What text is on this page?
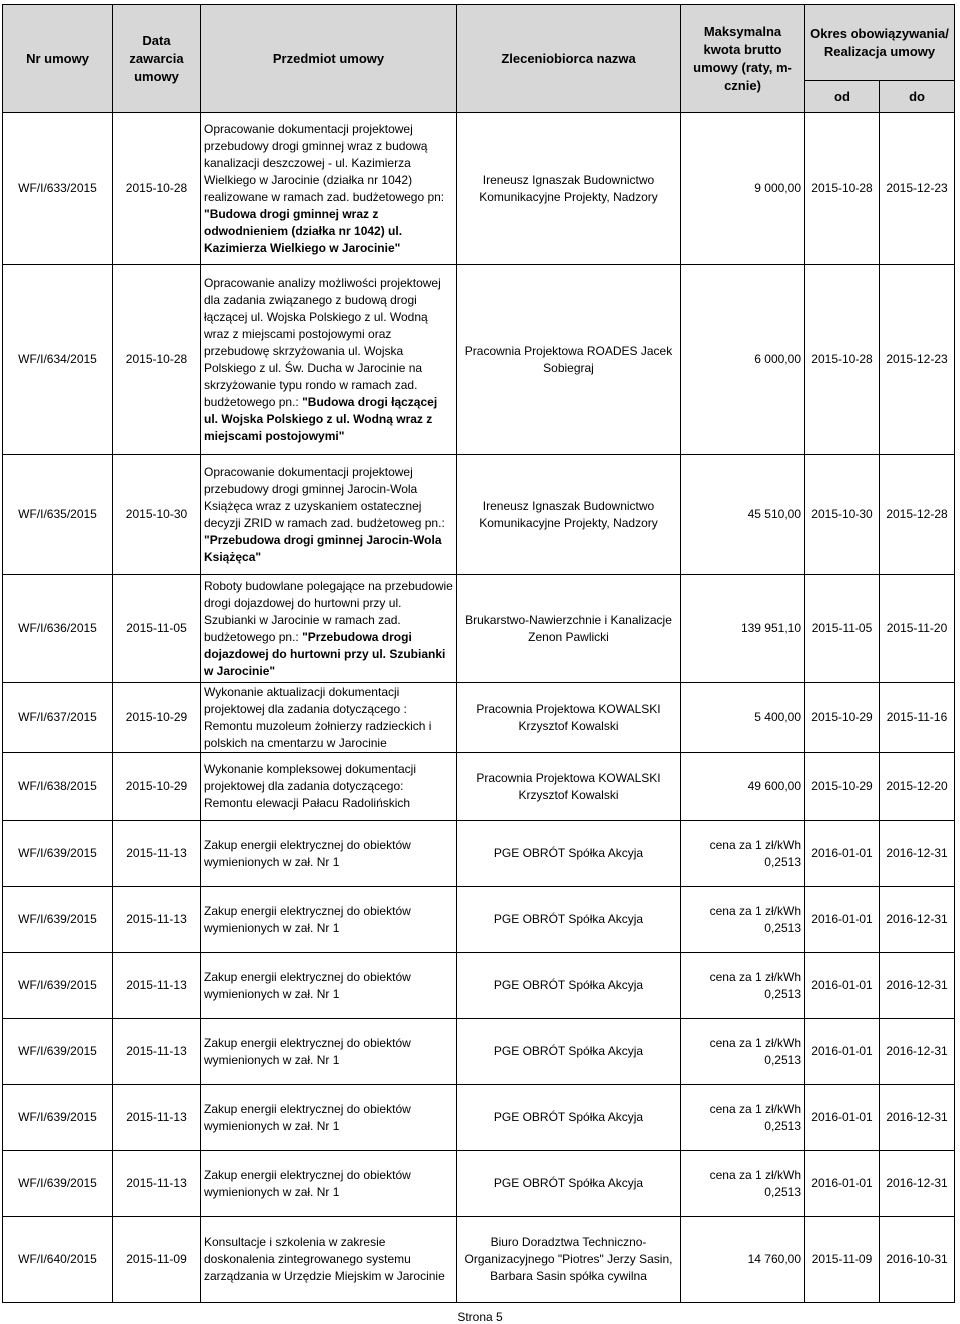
Nr umowy	Data zawarcia umowy	Przedmiot umowy	Zleceniobiorca nazwa	Maksymalna kwota brutto umowy (raty, m-cznie)	Okres obowiązywania/ Realizacja umowy	
					od	do
WF/I/633/2015	2015-10-28	Opracowanie dokumentacji projektowej przebudowy drogi gminnej wraz z budową kanalizacji deszczowej - ul. Kazimierza Wielkiego w Jarocinie (działka nr 1042) realizowane w ramach zad. budżetowego pn: "Budowa drogi gminnej wraz z odwodnieniem (działka nr 1042) ul. Kazimierza Wielkiego w Jarocinie"	Ireneusz Ignaszak Budownictwo Komunikacyjne Projekty, Nadzory	9 000,00	2015-10-28	2015-12-23
WF/I/634/2015	2015-10-28	Opracowanie analizy możliwości projektowej dla zadania związanego z budową drogi łączącej ul. Wojska Polskiego z ul. Wodną wraz z miejscami postojowymi oraz przebudowę skrzyżowania ul. Wojska Polskiego z ul. Św. Ducha w Jarocinie na skrzyżowanie typu rondo w ramach zad. budżetowego pn.: "Budowa drogi łączącej ul. Wojska Polskiego z ul. Wodną wraz z miejscami postojowymi"	Pracownia Projektowa ROADES Jacek Sobiegraj	6 000,00	2015-10-28	2015-12-23
WF/I/635/2015	2015-10-30	Opracowanie dokumentacji projektowej przebudowy drogi gminnej Jarocin-Wola Książęca wraz z uzyskaniem ostatecznej decyzji ZRID w ramach zad. budżetoweg pn.: "Przebudowa drogi gminnej Jarocin-Wola Książęca"	Ireneusz Ignaszak Budownictwo Komunikacyjne Projekty, Nadzory	45 510,00	2015-10-30	2015-12-28
WF/I/636/2015	2015-11-05	Roboty budowlane polegające na przebudowie drogi dojazdowej do hurtowni przy ul. Szubianki w Jarocinie w ramach zad. budżetowego pn.: "Przebudowa drogi dojazdowej do hurtowni przy ul. Szubianki w Jarocinie"	Brukarstwo-Nawierzchnie i Kanalizacje Zenon Pawlicki	139 951,10	2015-11-05	2015-11-20
WF/I/637/2015	2015-10-29	Wykonanie aktualizacji dokumentacji projektowej dla zadania dotyczącego : Remontu muzoleum żołnierzy radzieckich i polskich na cmentarzu w Jarocinie	Pracownia Projektowa KOWALSKI Krzysztof Kowalski	5 400,00	2015-10-29	2015-11-16
WF/I/638/2015	2015-10-29	Wykonanie kompleksowej dokumentacji projektowej dla zadania dotyczącego: Remontu elewacji Pałacu Radolińskich	Pracownia Projektowa KOWALSKI Krzysztof Kowalski	49 600,00	2015-10-29	2015-12-20
WF/I/639/2015	2015-11-13	Zakup energii elektrycznej do obiektów wymienionych w zał. Nr 1	PGE OBRÓT Spółka Akcyja	cena za 1 zł/kWh 0,2513	2016-01-01	2016-12-31
WF/I/639/2015	2015-11-13	Zakup energii elektrycznej do obiektów wymienionych w zał. Nr 1	PGE OBRÓT Spółka Akcyja	cena za 1 zł/kWh 0,2513	2016-01-01	2016-12-31
WF/I/639/2015	2015-11-13	Zakup energii elektrycznej do obiektów wymienionych w zał. Nr 1	PGE OBRÓT Spółka Akcyja	cena za 1 zł/kWh 0,2513	2016-01-01	2016-12-31
WF/I/639/2015	2015-11-13	Zakup energii elektrycznej do obiektów wymienionych w zał. Nr 1	PGE OBRÓT Spółka Akcyja	cena za 1 zł/kWh 0,2513	2016-01-01	2016-12-31
WF/I/639/2015	2015-11-13	Zakup energii elektrycznej do obiektów wymienionych w zał. Nr 1	PGE OBRÓT Spółka Akcyja	cena za 1 zł/kWh 0,2513	2016-01-01	2016-12-31
WF/I/639/2015	2015-11-13	Zakup energii elektrycznej do obiektów wymienionych w zał. Nr 1	PGE OBRÓT Spółka Akcyja	cena za 1 zł/kWh 0,2513	2016-01-01	2016-12-31
WF/I/640/2015	2015-11-09	Konsultacje i szkolenia w zakresie doskonalenia zintegrowanego systemu zarządzania w Urzędzie Miejskim w Jarocinie	Biuro Doradztwa Techniczno-Organizacyjnego "Piotres" Jerzy Sasin, Barbara Sasin spółka cywilna	14 760,00	2015-11-09	2016-10-31
Strona 5
